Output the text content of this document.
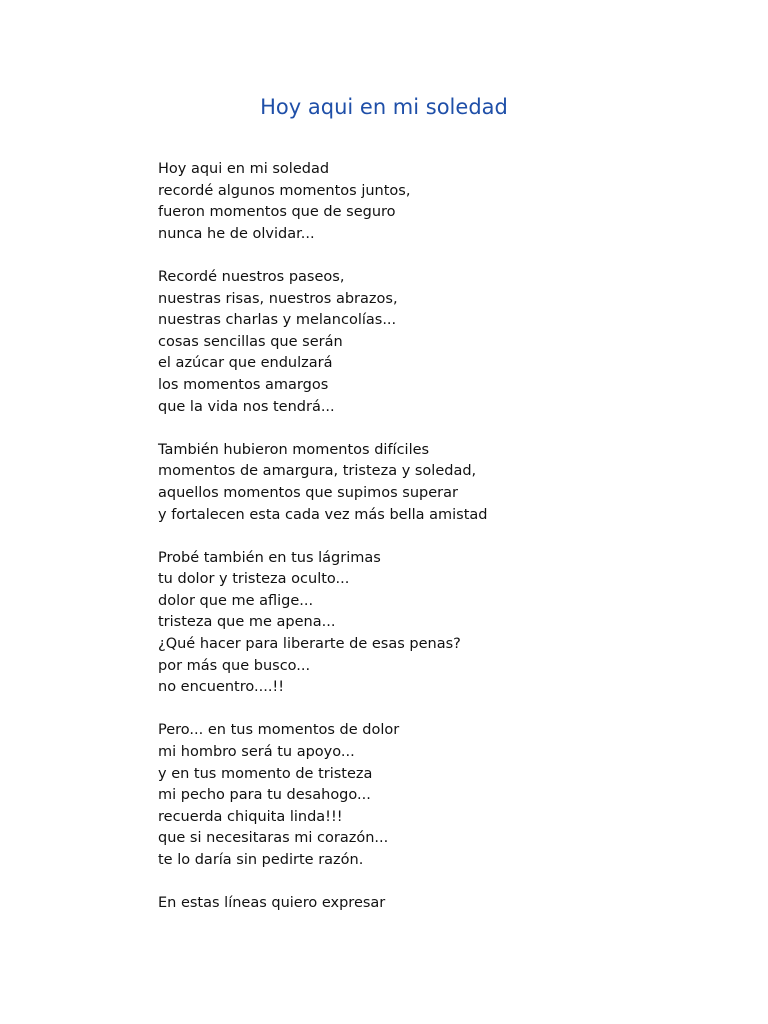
Hoy aqui en mi soledad

Hoy aqui en mi soledad
recordé algunos momentos juntos,
fueron momentos que de seguro
nunca he de olvidar...

Recordé nuestros paseos,
nuestras risas, nuestros abrazos,
nuestras charlas y melancolías...
cosas sencillas que serán
el azúcar que endulzará
los momentos amargos
que la vida nos tendrá...

También hubieron momentos difíciles
momentos de amargura, tristeza y soledad,
aquellos momentos que supimos superar
y fortalecen esta cada vez más bella amistad

Probé también en tus lágrimas
tu dolor y tristeza oculto...
dolor que me aflige...
tristeza que me apena...
¿Qué hacer para liberarte de esas penas?
por más que busco...
no encuentro....!!

Pero... en tus momentos de dolor
mi hombro será tu apoyo...
y en tus momento de tristeza
mi pecho para tu desahogo...
recuerda chiquita linda!!!
que si necesitaras mi corazón...
te lo daría sin pedirte razón.

En estas líneas quiero expresar
